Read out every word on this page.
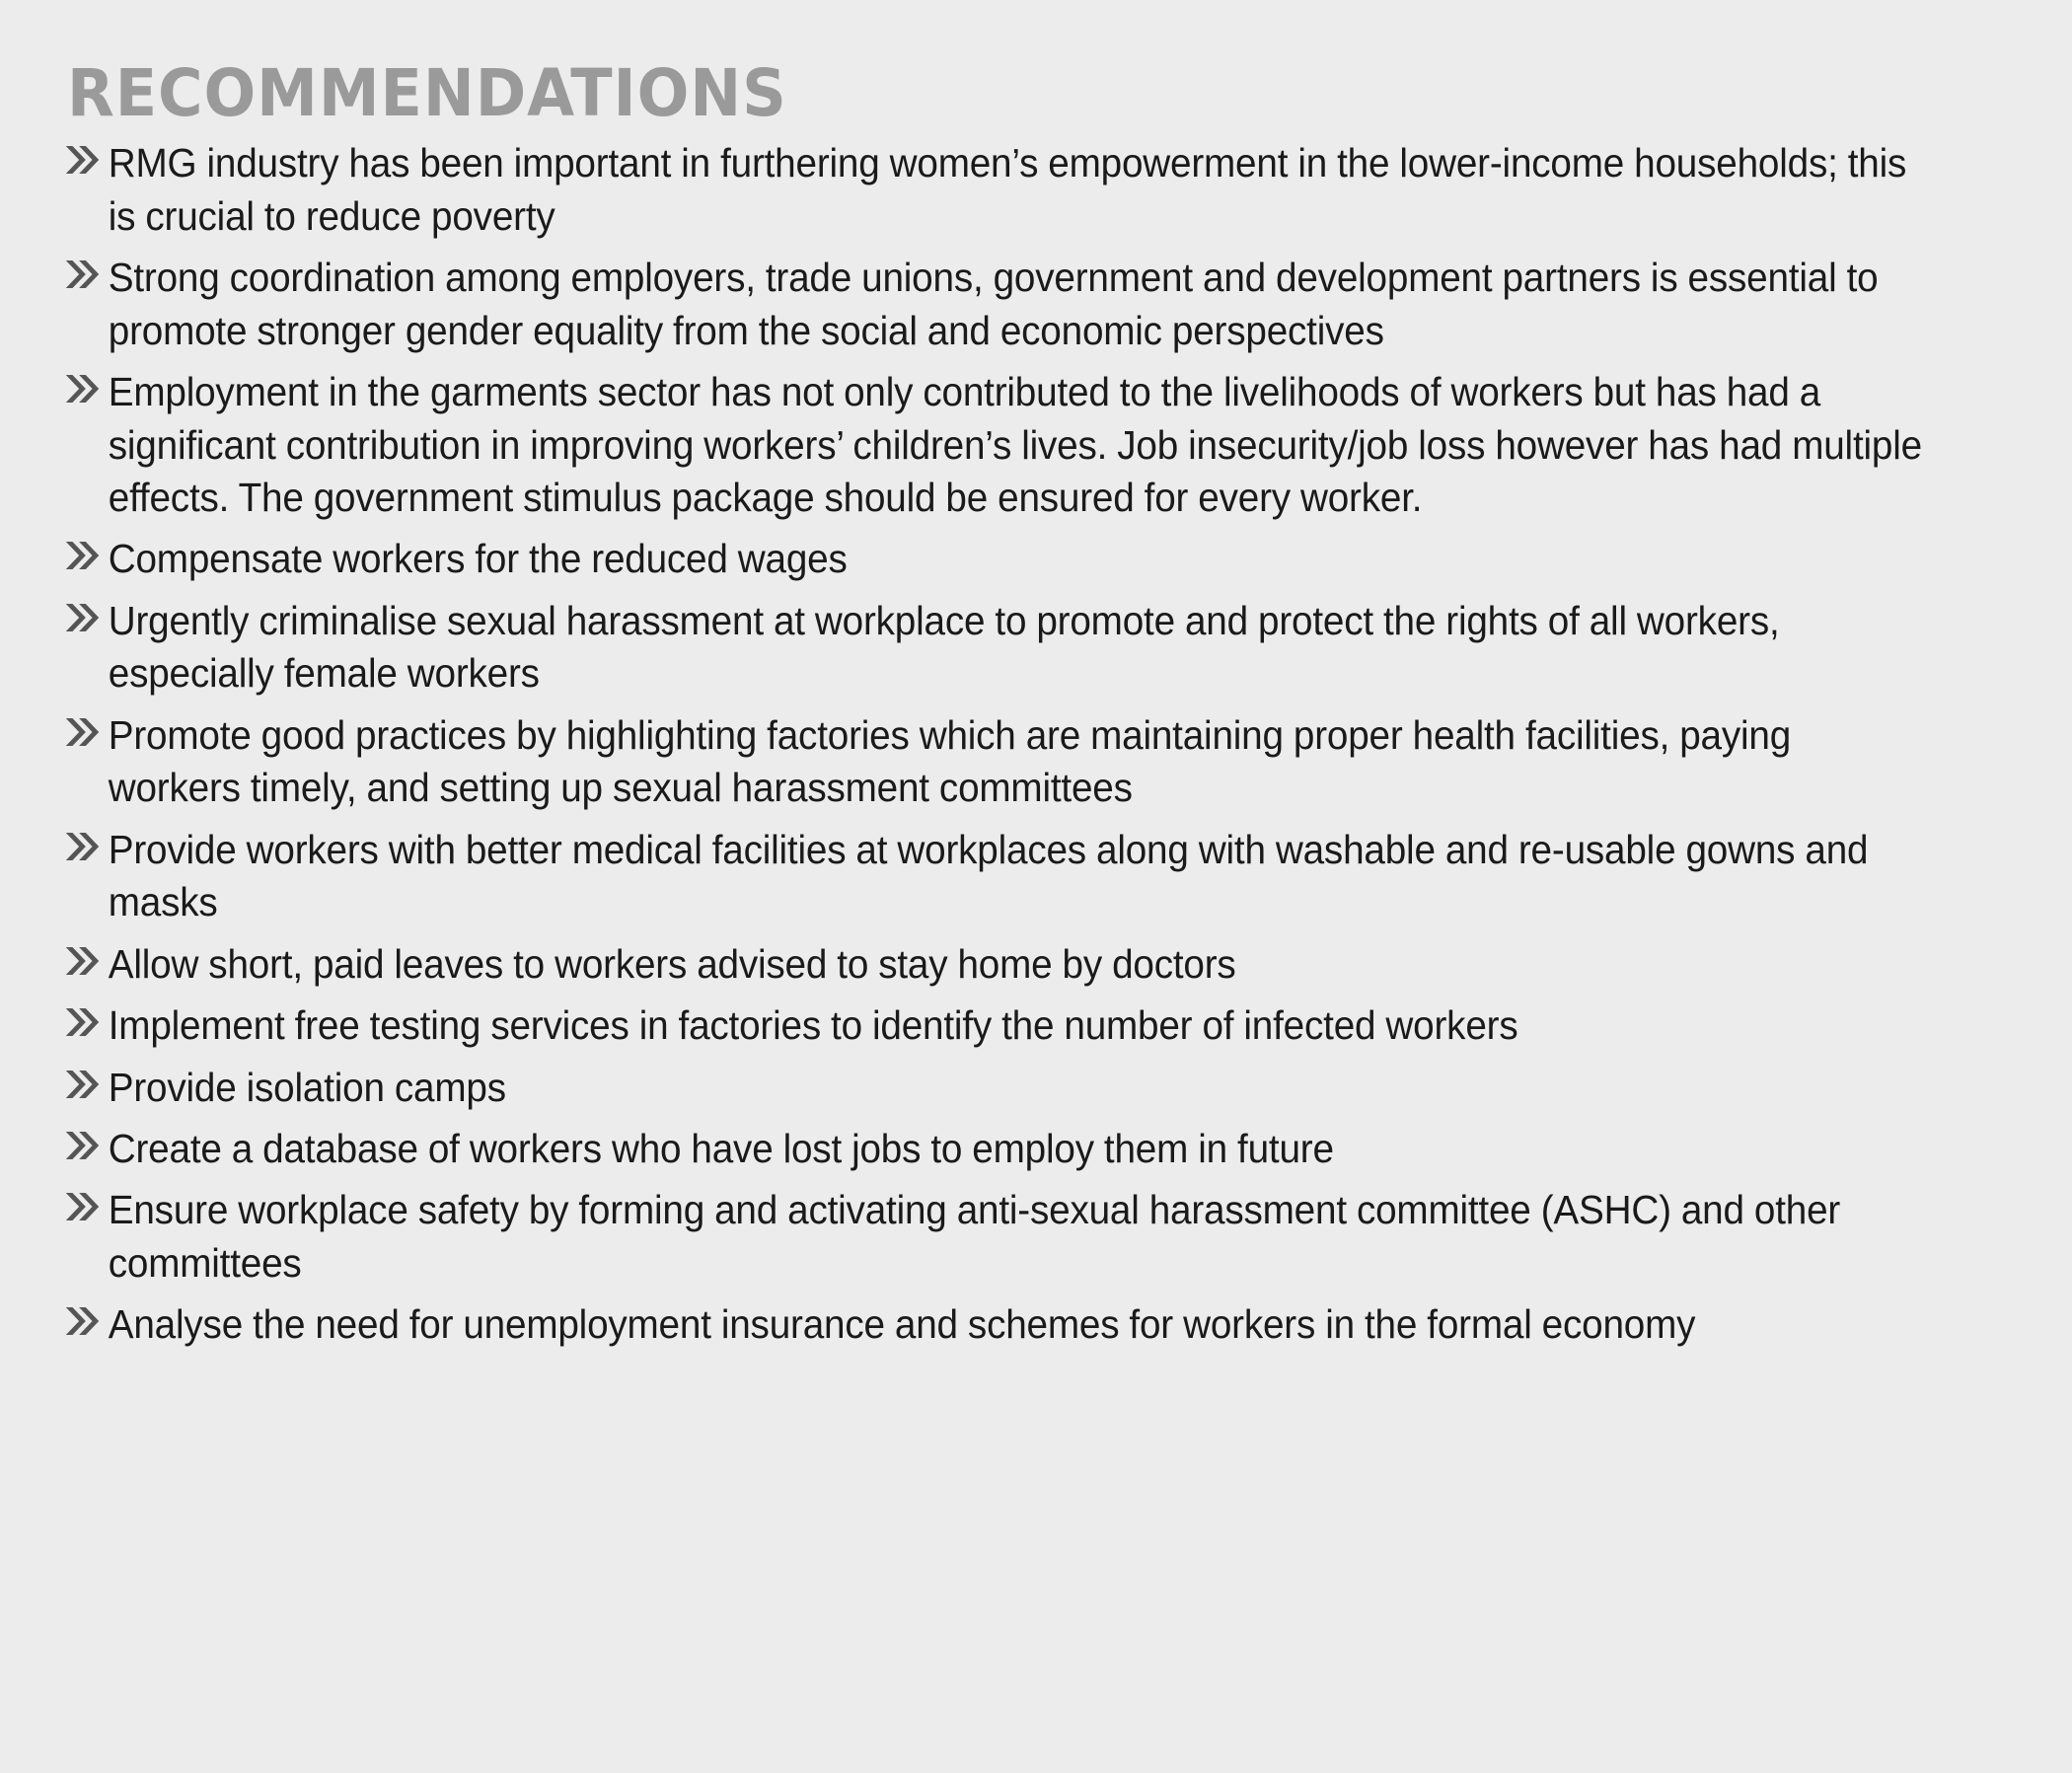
RECOMMENDATIONS
RMG industry has been important in furthering women’s empowerment in the lower-income households; this is crucial to reduce poverty
Strong coordination among employers, trade unions, government and development partners is essential to promote stronger gender equality from the social and economic perspectives
Employment in the garments sector has not only contributed to the livelihoods of workers but has had a significant contribution in improving workers’ children’s lives. Job insecurity/job loss however has had multiple effects. The government stimulus package should be ensured for every worker.
Compensate workers for the reduced wages
Urgently criminalise sexual harassment at workplace to promote and protect the rights of all workers, especially female workers
Promote good practices by highlighting factories which are maintaining proper health facilities, paying workers timely, and setting up sexual harassment committees
Provide workers with better medical facilities at workplaces along with washable and re-usable gowns and masks
Allow short, paid leaves to workers advised to stay home by doctors
Implement free testing services in factories to identify the number of infected workers
Provide isolation camps
Create a database of workers who have lost jobs to employ them in future
Ensure workplace safety by forming and activating anti-sexual harassment committee (ASHC) and other committees
Analyse the need for unemployment insurance and schemes for workers in the formal economy
